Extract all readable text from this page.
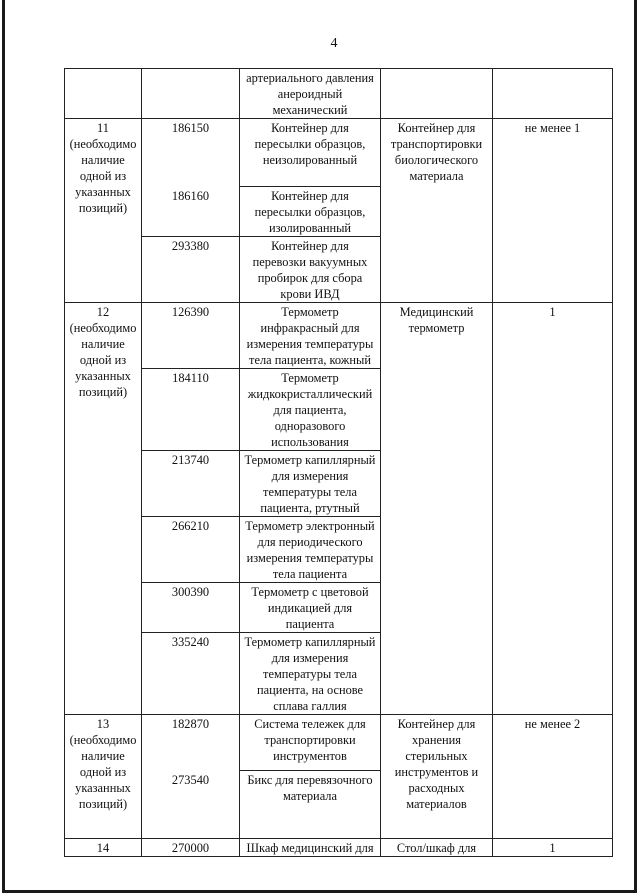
4
		артериального давления анероидный механический		
11 (необходимо наличие одной из указанных позиций)	186150	Контейнер для пересылки образцов, неизолированный	Контейнер для транспортировки биологического материала	не менее 1
	186160	Контейнер для пересылки образцов, изолированный		
	293380	Контейнер для перевозки вакуумных пробирок для сбора крови ИВД		
12 (необходимо наличие одной из указанных позиций)	126390	Термометр инфракрасный для измерения температуры тела пациента, кожный	Медицинский термометр	1
	184110	Термометр жидкокристаллический для пациента, одноразового использования		
	213740	Термометр капиллярный для измерения температуры тела пациента, ртутный		
	266210	Термометр электронный для периодического измерения температуры тела пациента		
	300390	Термометр с цветовой индикацией для пациента		
	335240	Термометр капиллярный для измерения температуры тела пациента, на основе сплава галлия		
13 (необходимо наличие одной из указанных позиций)	182870	Система тележек для транспортировки инструментов	Контейнер для хранения стерильных инструментов и расходных материалов	не менее 2
	273540	Бикс для перевязочного материала		
14	270000	Шкаф медицинский для	Стол/шкаф для	1
